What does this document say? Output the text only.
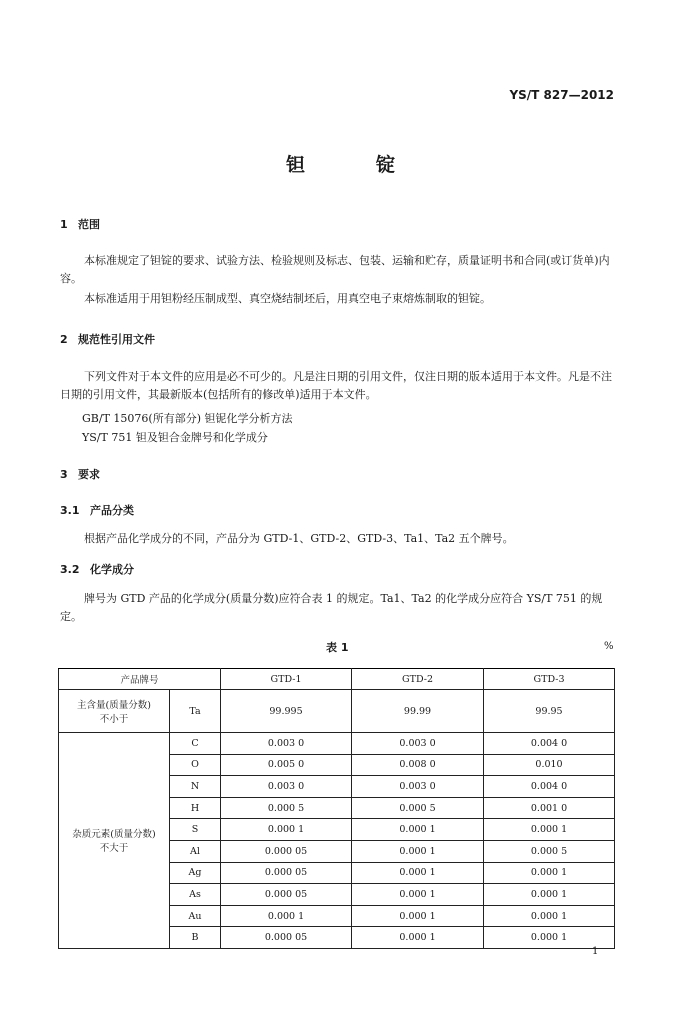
YS/T 827—2012
钽	锭
1 范围
本标准规定了钽锭的要求、试验方法、检验规则及标志、包装、运输和贮存，质量证明书和合同(或订货单)内容。
本标准适用于用钽粉经压制成型、真空烧结制坯后，用真空电子束熔炼制取的钽锭。
2 规范性引用文件
下列文件对于本文件的应用是必不可少的。凡是注日期的引用文件，仅注日期的版本适用于本文件。凡是不注日期的引用文件，其最新版本(包括所有的修改单)适用于本文件。
GB/T 15076(所有部分) 钽铌化学分析方法
YS/T 751 钽及钽合金牌号和化学成分
3 要求
3.1 产品分类
根据产品化学成分的不同，产品分为 GTD-1、GTD-2、GTD-3、Ta1、Ta2 五个牌号。
3.2 化学成分
牌号为 GTD 产品的化学成分(质量分数)应符合表 1 的规定。Ta1、Ta2 的化学成分应符合 YS/T 751 的规定。
表 1	%
产品牌号		GTD-1	GTD-2	GTD-3

主含量(质量分数)
不小于	Ta	99.995	99.99	99.95

杂质元素(质量分数)
不大于	C	0.003 0	0.003 0	0.004 0
	O	0.005 0	0.008 0	0.010
	N	0.003 0	0.003 0	0.004 0
	H	0.000 5	0.000 5	0.001 0
	S	0.000 1	0.000 1	0.000 1
	Al	0.000 05	0.000 1	0.000 5
	Ag	0.000 05	0.000 1	0.000 1
	As	0.000 05	0.000 1	0.000 1
	Au	0.000 1	0.000 1	0.000 1
	B	0.000 05	0.000 1	0.000 1
1
